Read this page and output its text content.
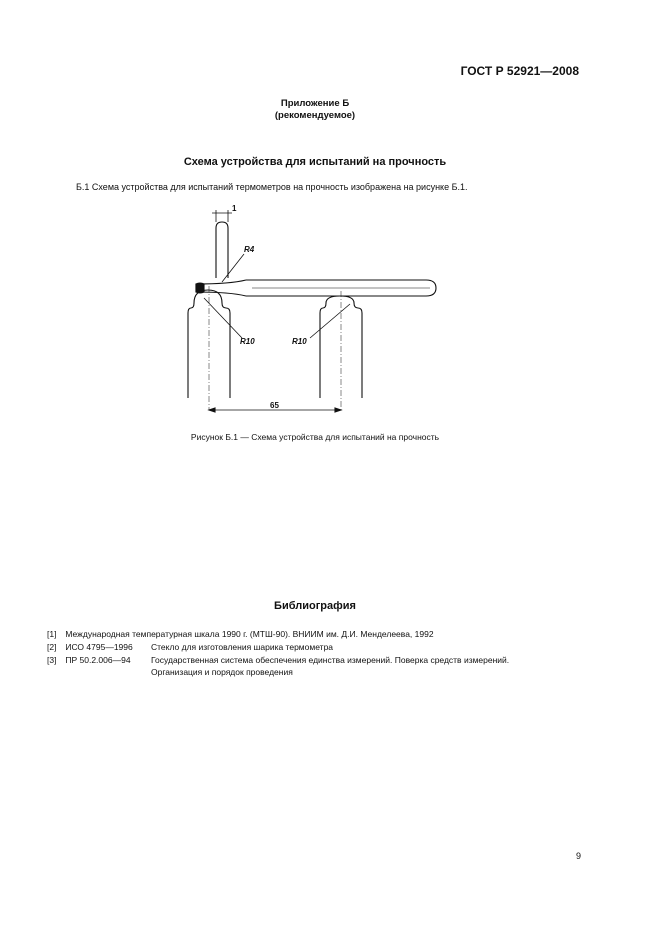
ГОСТ Р 52921—2008
Приложение Б
(рекомендуемое)
Схема устройства для испытаний на прочность
Б.1 Схема устройства для испытаний термометров на прочность изображена на рисунке Б.1.
1
R4
R10	R10
65
Рисунок Б.1 — Схема устройства для испытаний на прочность
Библиография
[1] Международная температурная шкала 1990 г. (МТШ-90). ВНИИМ им. Д.И. Менделеева, 1992
[2] ИСО 4795—1996 Стекло для изготовления шарика термометра
[3] ПР 50.2.006—94 Государственная система обеспечения единства измерений. Поверка средств измерений.
Организация и порядок проведения
9
